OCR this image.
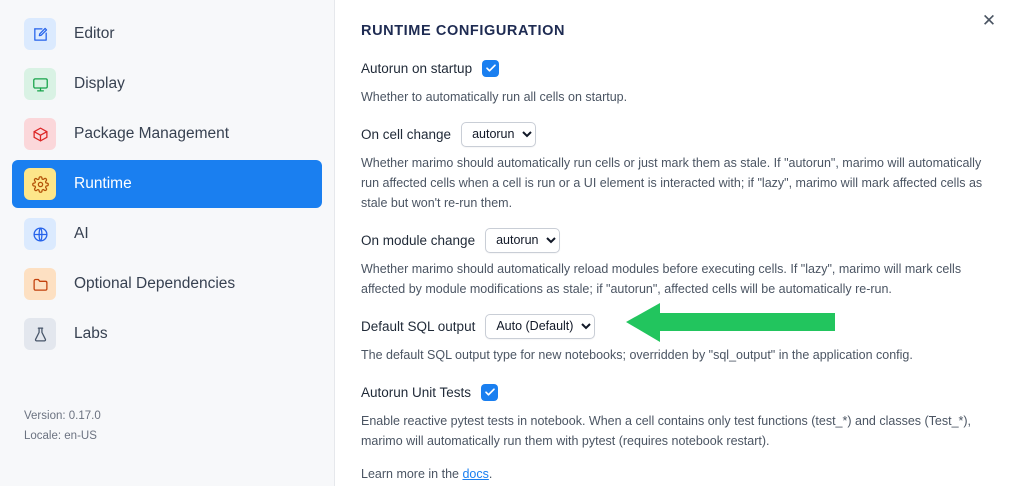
Editor
Display
Package Management
Runtime
AI
Optional Dependencies
Labs
Version: 0.17.0
Locale: en-US
✕
RUNTIME CONFIGURATION
Autorun on startup
Whether to automatically run all cells on startup.
On cell change
autorun
Whether marimo should automatically run cells or just mark them as stale. If "autorun", marimo will automatically run affected cells when a cell is run or a UI element is interacted with; if "lazy", marimo will mark affected cells as stale but won't re-run them.
On module change
autorun
Whether marimo should automatically reload modules before executing cells. If "lazy", marimo will mark cells affected by module modifications as stale; if "autorun", affected cells will be automatically re-run.
Default SQL output
Auto (Default)
The default SQL output type for new notebooks; overridden by "sql_output" in the application config.
Autorun Unit Tests
Enable reactive pytest tests in notebook. When a cell contains only test functions (test_*) and classes (Test_*), marimo will automatically run them with pytest (requires notebook restart).
Learn more in the docs.
